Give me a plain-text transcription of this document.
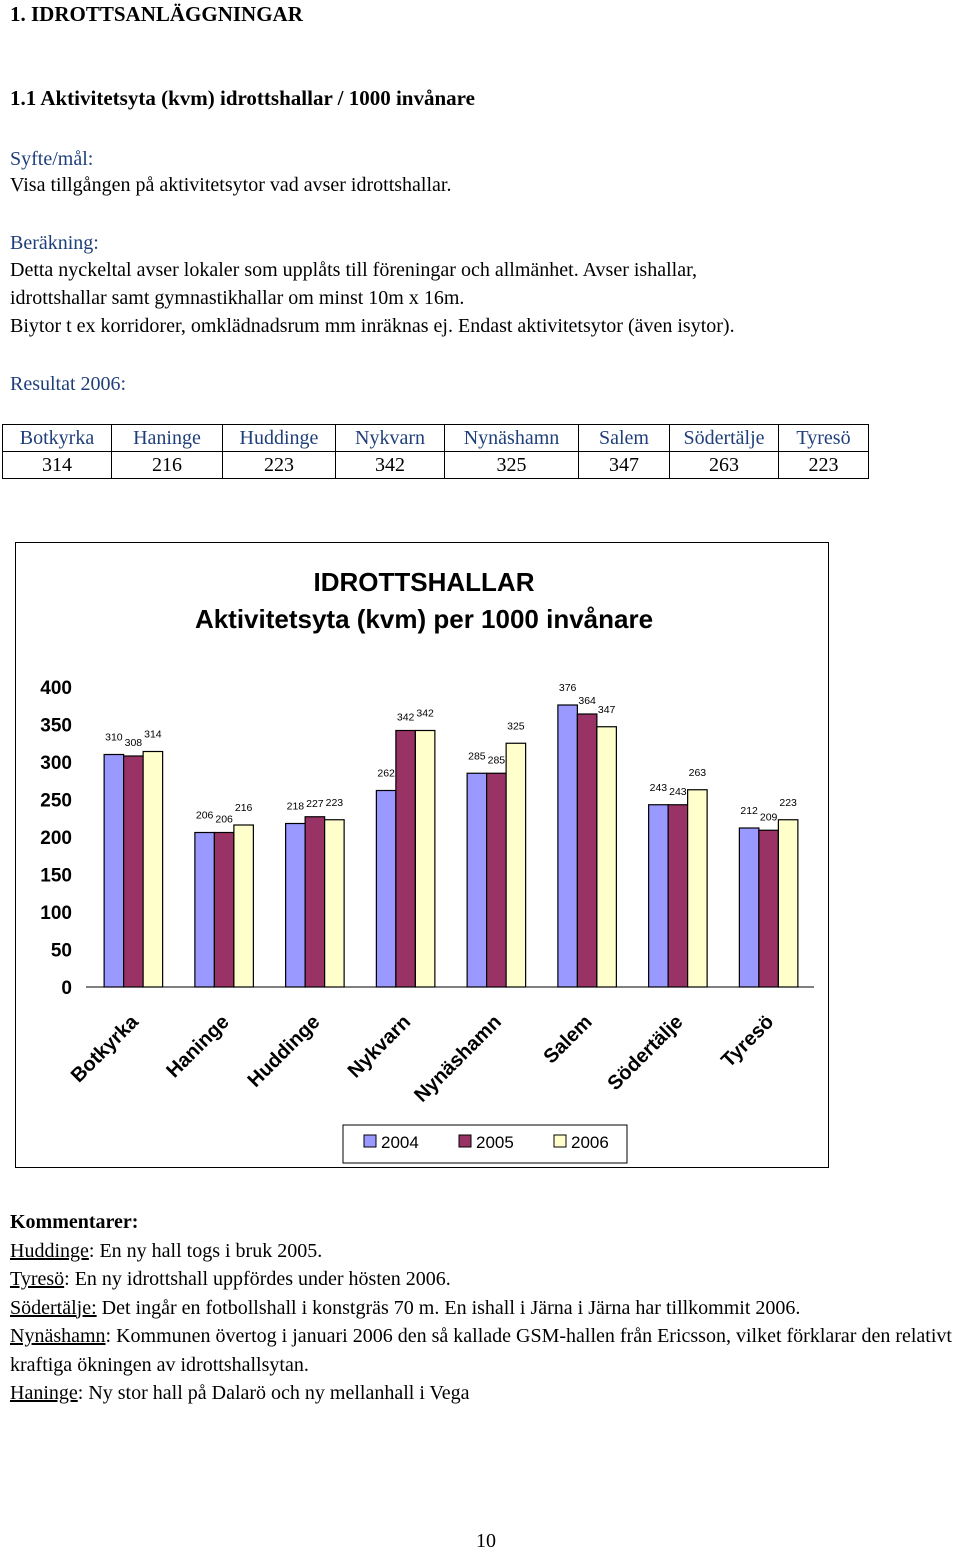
1. IDROTTSANLÄGGNINGAR
1.1 Aktivitetsyta (kvm) idrottshallar / 1000 invånare
Syfte/mål:
Visa tillgången på aktivitetsytor vad avser idrottshallar.
Beräkning:
Detta nyckeltal avser lokaler som upplåts till föreningar och allmänhet. Avser ishallar,
idrottshallar samt gymnastikhallar om minst 10m x 16m.
Biytor t ex korridorer, omklädnadsrum mm inräknas ej. Endast aktivitetsytor (även isytor).
Resultat 2006:
Botkyrka	Haninge	Huddinge	Nykvarn	Nynäshamn	Salem	Södertälje	Tyresö
314	216	223	342	325	347	263	223
IDROTTSHALLAR
Aktivitetsyta (kvm) per 1000 invånare
400
350
300
250
200
150
100
50
0
310 308
314
Botkyrka
206 206
216
Haninge
218 227 223
Huddinge
262
342 342
Nykvarn
285 285
325
Nynäshamn
376
364
347
Salem
243 243
263
Södertälje
212
209
223
Tyresö
2004	2005	2006
Kommentarer:
Huddinge: En ny hall togs i bruk 2005.
Tyresö: En ny idrottshall uppfördes under hösten 2006.
Södertälje: Det ingår en fotbollshall i konstgräs 70 m. En ishall i Järna i Järna har tillkommit 2006.
Nynäshamn: Kommunen övertog i januari 2006 den så kallade GSM-hallen från Ericsson, vilket förklarar den relativt kraftiga ökningen av idrottshallsytan.
Haninge: Ny stor hall på Dalarö och ny mellanhall i Vega
10
